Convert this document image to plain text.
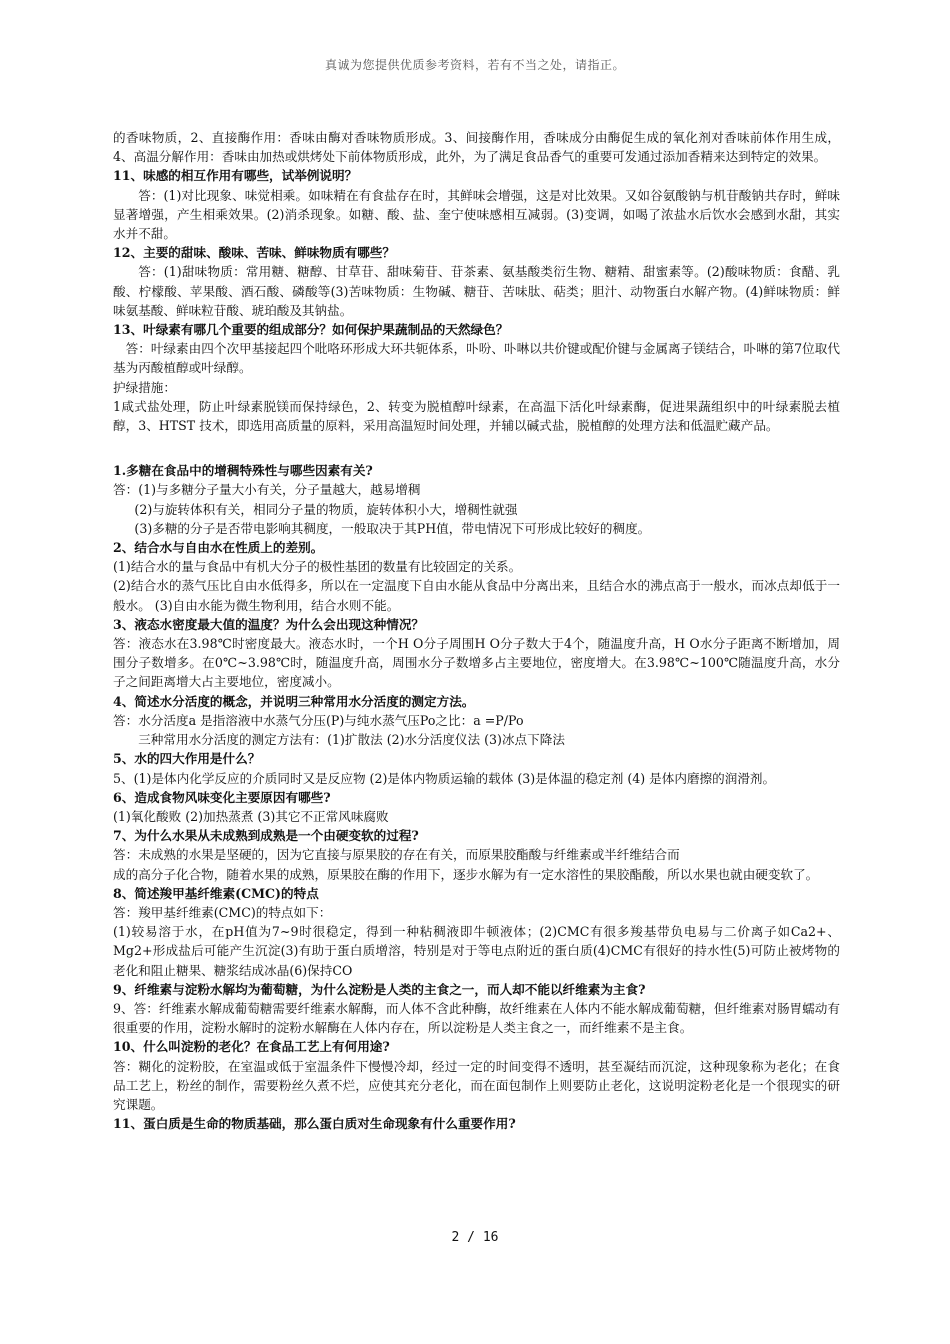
真诚为您提供优质参考资料，若有不当之处，请指正。

的香味物质，2、直接酶作用：香味由酶对香味物质形成。3、间接酶作用，香味成分由酶促生成的氧化剂对香味前体作用生成，4、高温分解作用：香味由加热或烘烤处下前体物质形成，此外，为了满足食品香气的重要可发通过添加香精来达到特定的效果。

11、味感的相互作用有哪些，试举例说明？

答：(1)对比现象、味觉相乘。如味精在有食盐存在时，其鲜味会增强，这是对比效果。又如谷氨酸钠与机苷酸钠共存时，鲜味显著增强，产生相乘效果。(2)消杀现象。如糖、酸、盐、奎宁使味感相互减弱。(3)变调，如喝了浓盐水后饮水会感到水甜，其实水并不甜。

12、主要的甜味、酸味、苦味、鲜味物质有哪些？

答：(1)甜味物质：常用糖、糖醇、甘草苷、甜味菊苷、苷茶素、氨基酸类衍生物、糖精、甜蜜素等。(2)酸味物质：食醋、乳酸、柠檬酸、苹果酸、酒石酸、磷酸等(3)苦味物质：生物碱、糖苷、苦味肽、萜类；胆汁、动物蛋白水解产物。(4)鲜味物质：鲜味氨基酸、鲜味粒苷酸、琥珀酸及其钠盐。

13、叶绿素有哪几个重要的组成部分？如何保护果蔬制品的天然绿色？

答：叶绿素由四个次甲基接起四个吡咯环形成大环共轭体系，卟吩、卟啉以共价键或配价键与金属离子镁结合，卟啉的第7位取代基为丙酸植醇或叶绿醇。

护绿措施：

1咸式盐处理，防止叶绿素脱镁而保持绿色，2、转变为脱植醇叶绿素，在高温下活化叶绿素酶，促进果蔬组织中的叶绿素脱去植醇，3、HTST 技术，即选用高质量的原料，采用高温短时间处理，并辅以碱式盐，脱植醇的处理方法和低温贮藏产品。

1.多糖在食品中的增稠特殊性与哪些因素有关?

答：(1)与多糖分子量大小有关，分子量越大，越易增稠

(2)与旋转体积有关，相同分子量的物质，旋转体积小大，增稠性就强

(3)多糖的分子是否带电影响其稠度，一般取决于其PH值，带电情况下可形成比较好的稠度。

2、结合水与自由水在性质上的差别。

(1)结合水的量与食品中有机大分子的极性基团的数量有比较固定的关系。

(2)结合水的蒸气压比自由水低得多，所以在一定温度下自由水能从食品中分离出来，且结合水的沸点高于一般水，而冰点却低于一般水。 (3)自由水能为微生物利用，结合水则不能。

3、液态水密度最大值的温度？为什么会出现这种情况？

答：液态水在3.98℃时密度最大。液态水时，一个H O分子周围H O分子数大于4个，随温度升高，H O水分子距离不断增加，周围分子数增多。在0℃~3.98℃时，随温度升高，周围水分子数增多占主要地位，密度增大。在3.98℃~100℃随温度升高，水分子之间距离增大占主要地位，密度减小。

4、简述水分活度的概念，并说明三种常用水分活度的测定方法。

答：水分活度a 是指溶液中水蒸气分压(P)与纯水蒸气压Po之比：a =P/Po

三种常用水分活度的测定方法有：(1)扩散法 (2)水分活度仪法 (3)冰点下降法

5、水的四大作用是什么？

5、(1)是体内化学反应的介质同时又是反应物 (2)是体内物质运输的载体 (3)是体温的稳定剂 (4) 是体内磨擦的润滑剂。

6、造成食物风味变化主要原因有哪些?

(1)氧化酸败 (2)加热蒸煮 (3)其它不正常风味腐败

7、为什么水果从未成熟到成熟是一个由硬变软的过程?

答：未成熟的水果是坚硬的，因为它直接与原果胶的存在有关，而原果胶酯酸与纤维素或半纤维结合而

成的高分子化合物，随着水果的成熟，原果胶在酶的作用下，逐步水解为有一定水溶性的果胶酯酸，所以水果也就由硬变软了。

8、简述羧甲基纤维素(CMC)的特点

答：羧甲基纤维素(CMC)的特点如下：

(1)较易溶于水，在pH值为7~9时很稳定，得到一种粘稠液即牛顿液体；(2)CMC有很多羧基带负电易与二价离子如Ca2+、Mg2+形成盐后可能产生沉淀(3)有助于蛋白质增溶，特别是对于等电点附近的蛋白质(4)CMC有很好的持水性(5)可防止被烤物的老化和阻止糖果、糖浆结成冰晶(6)保持CO

9、纤维素与淀粉水解均为葡萄糖，为什么淀粉是人类的主食之一，而人却不能以纤维素为主食?

9、答：纤维素水解成葡萄糖需要纤维素水解酶，而人体不含此种酶，故纤维素在人体内不能水解成葡萄糖，但纤维素对肠胃蠕动有很重要的作用，淀粉水解时的淀粉水解酶在人体内存在，所以淀粉是人类主食之一，而纤维素不是主食。

10、什么叫淀粉的老化？在食品工艺上有何用途?

答：糊化的淀粉胶，在室温或低于室温条件下慢慢冷却，经过一定的时间变得不透明，甚至凝结而沉淀，这种现象称为老化；在食品工艺上，粉丝的制作，需要粉丝久煮不烂，应使其充分老化，而在面包制作上则要防止老化，这说明淀粉老化是一个很现实的研究课题。

11、蛋白质是生命的物质基础，那么蛋白质对生命现象有什么重要作用?

2 / 16
